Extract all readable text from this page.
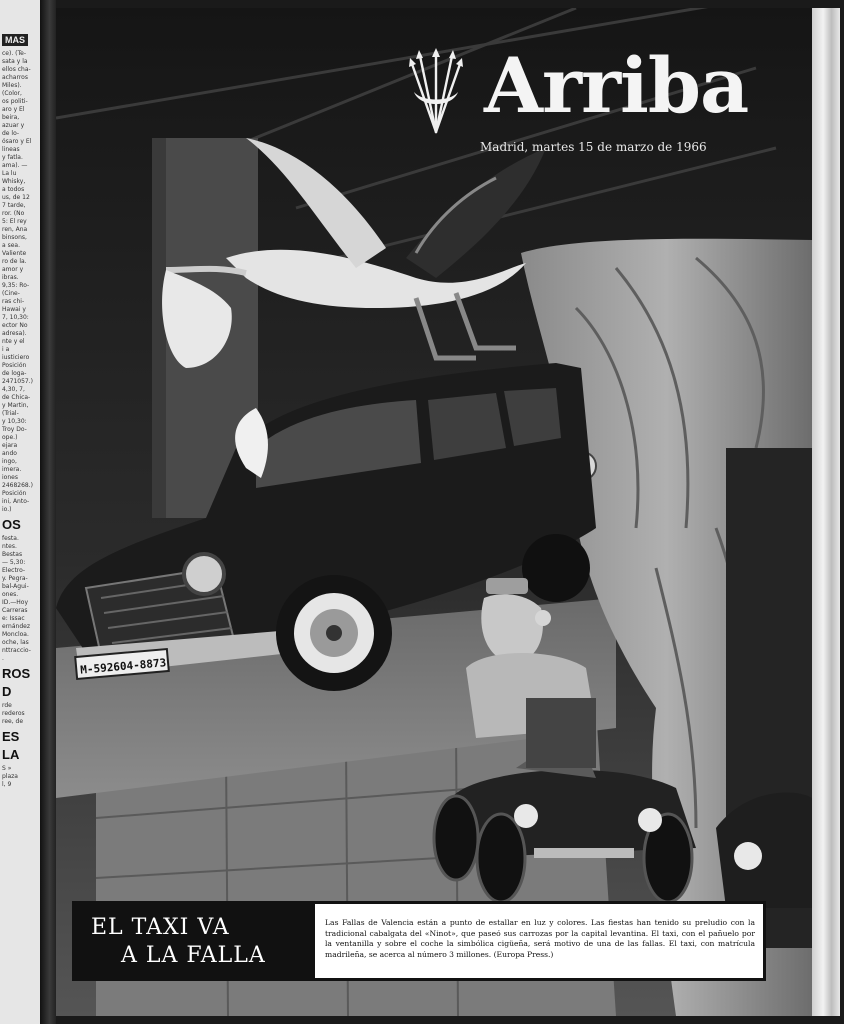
MAS
ce). (Te-
sata y la
ellos cha-
acharros
Miles).
(Color,
os politi-
aro y El
beira,
azuar y
de lo-
ósaro y El
lineas
y fatla.
ama). —
La lu
Whisky,
a todos
us, de 12
7 tarde,
ror. (No
5: El rey
ren, Ana
binsons,
a sea.
Valiente
ro de la.
amor y
ibras.
9,35: Ro-
(Cine-
ras chi-
Hawai y
7, 10,30:
ector No
adresa).
nte y el
i a
iusticiero
Posición
de loga-
2471057.)
4,30, 7,
de Chica-
y Martin,
(Trial-
y 10,30:
Troy Do-
ope.)
ejara
ando
ingo,
imera.
iones
2468268.)
Posición
ini, Anto-
io.)
OS
festa.
ntes.
Bestas
— 5,30:
Electro-
y. Pegra-
bal-Agui-
ones.
ID.—Hoy
Carreras
e: Issac
ernández
Moncloa.
oche, las
nttraccio-
.
ROS
D
rde
rederos
ree, de
ES
LA
S »
plaza
l, 9
M-592604-8873
Arriba
Madrid, martes 15 de marzo de 1966
EL TAXI VA
A LA FALLA
Las Fallas de Valencia están a punto de estallar en luz y colores. Las fiestas han tenido su preludio con la tradicional cabalgata del «Ninot», que paseó sus carrozas por la capital levantina. El taxi, con el pañuelo por la ventanilla y sobre el coche la simbólica cigüeña, será motivo de una de las fallas. El taxi, con matrícula madrileña, se acerca al número 3 millones. (Europa Press.)
